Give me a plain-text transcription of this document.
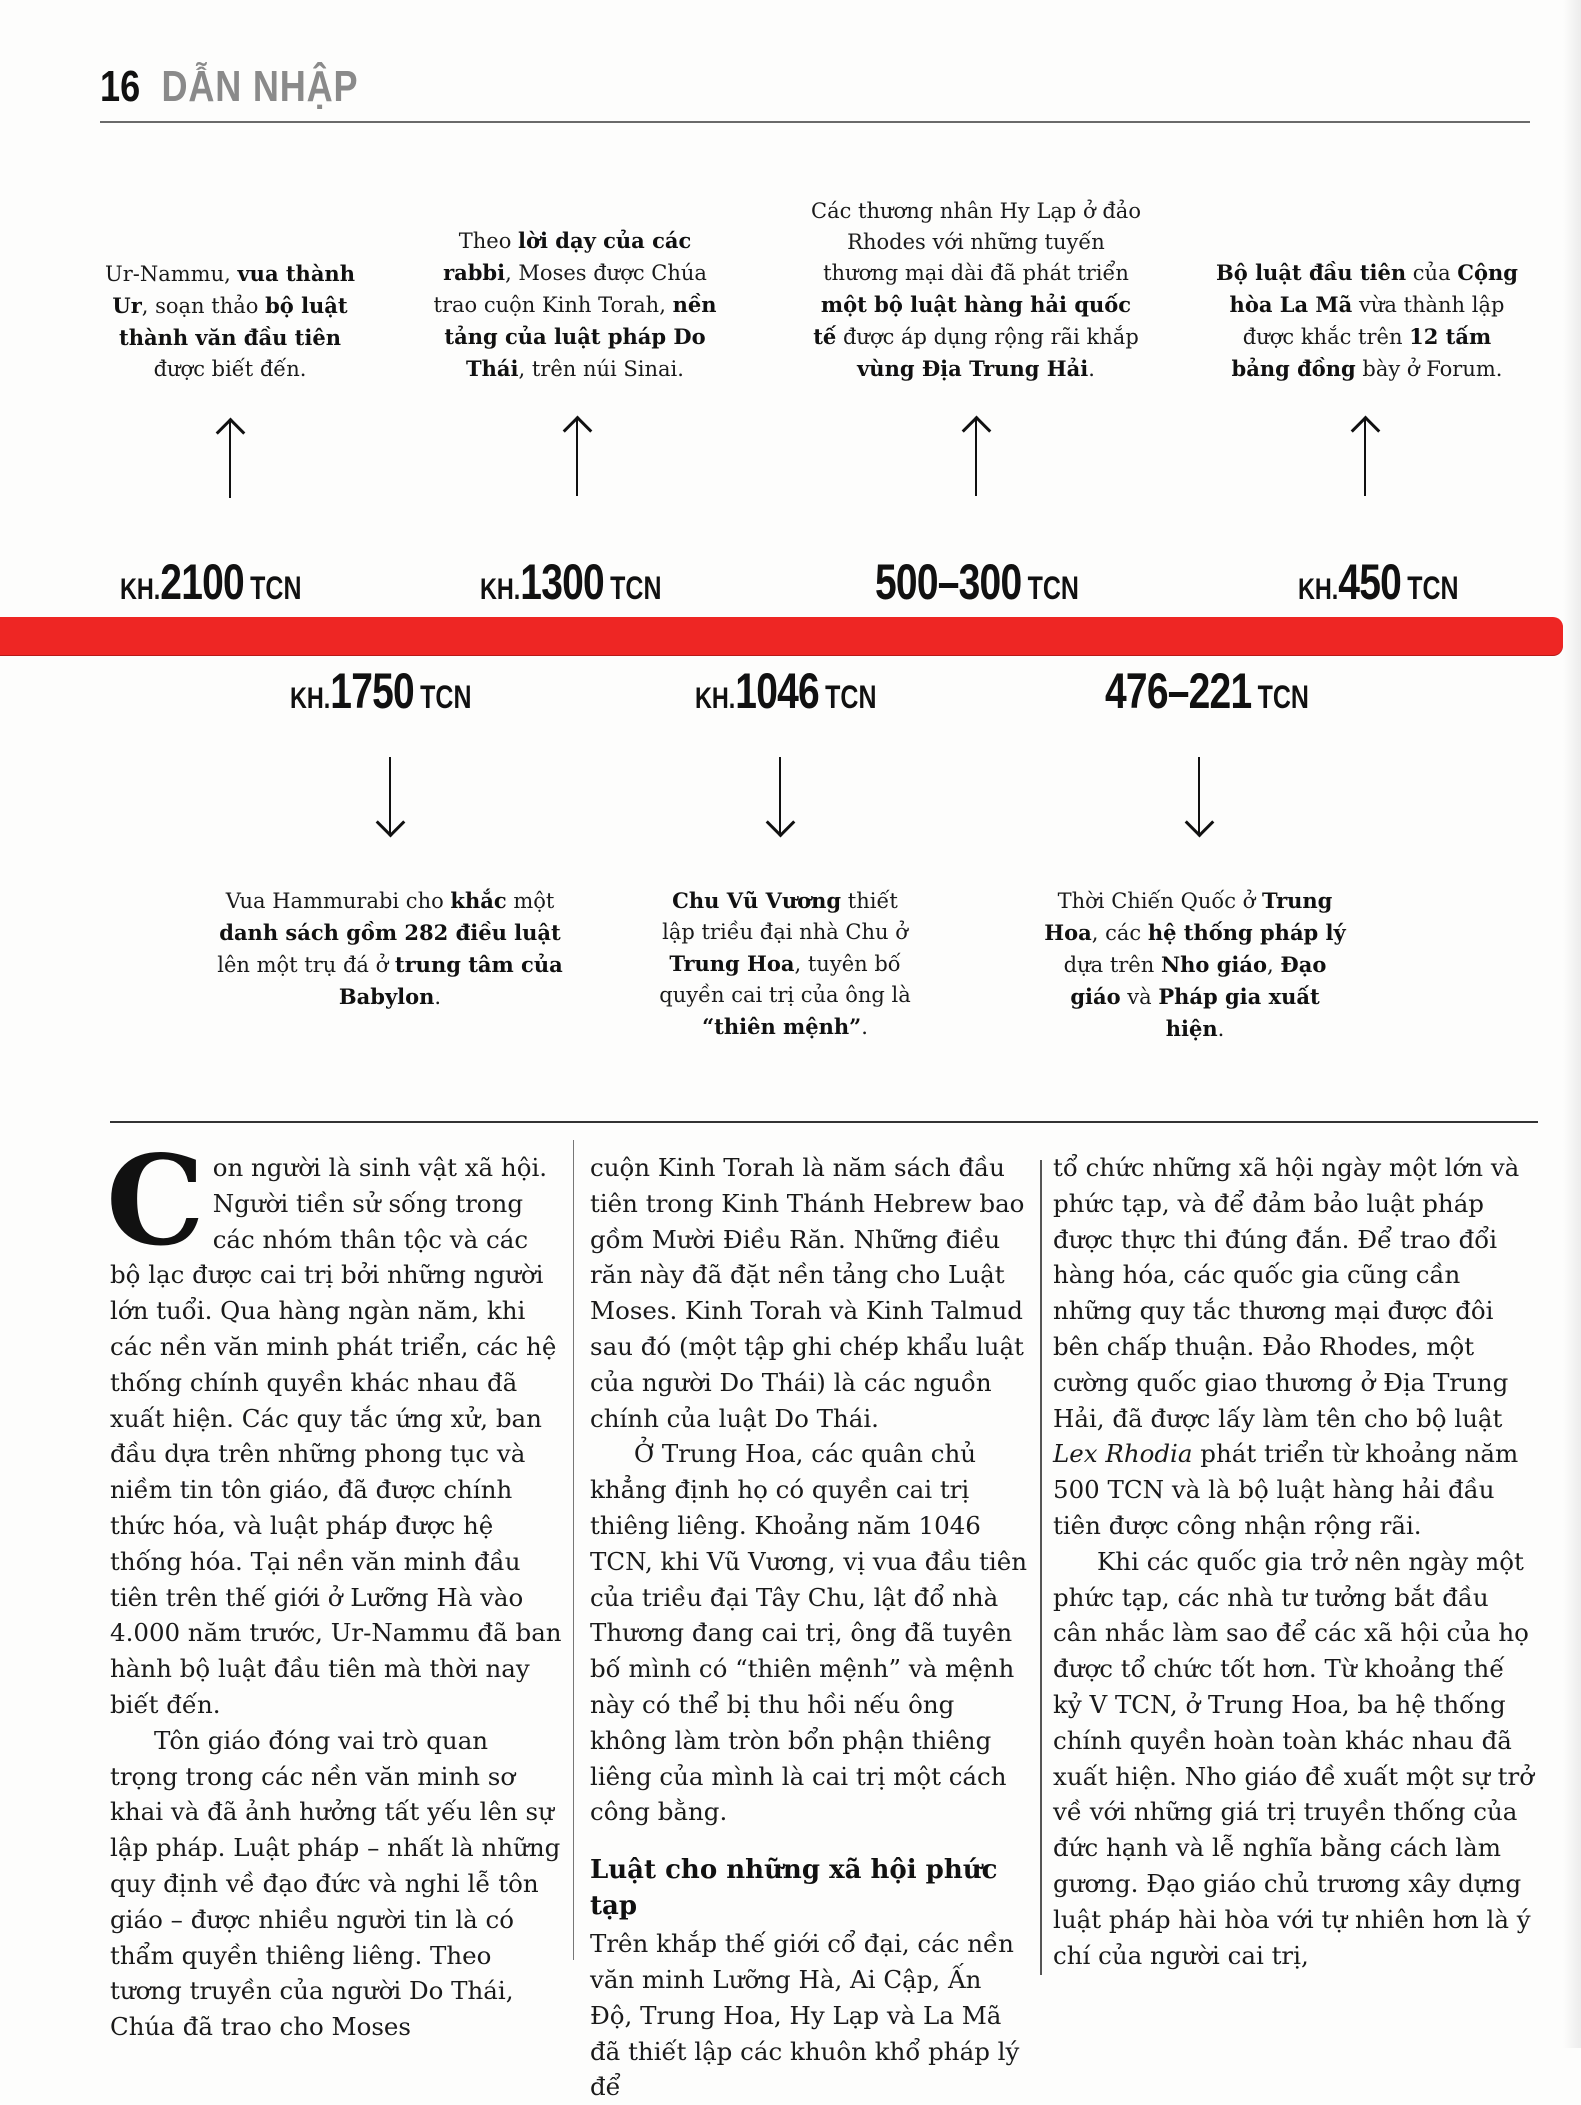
16 DẪN NHẬP
Ur-Nammu, vua thành Ur, soạn thảo bộ luật thành văn đầu tiên được biết đến.
Theo lời dạy của các rabbi, Moses được Chúa trao cuộn Kinh Torah, nền tảng của luật pháp Do Thái, trên núi Sinai.
Các thương nhân Hy Lạp ở đảo Rhodes với những tuyến thương mại dài đã phát triển một bộ luật hàng hải quốc tế được áp dụng rộng rãi khắp vùng Địa Trung Hải.
Bộ luật đầu tiên của Cộng hòa La Mã vừa thành lập được khắc trên 12 tấm bảng đồng bày ở Forum.
KH.2100 TCN	KH.1300 TCN	500–300 TCN	KH.450 TCN
KH.1750 TCN	KH.1046 TCN	476–221 TCN
Vua Hammurabi cho khắc một danh sách gồm 282 điều luật lên một trụ đá ở trung tâm của Babylon.
Chu Vũ Vương thiết lập triều đại nhà Chu ở Trung Hoa, tuyên bố quyền cai trị của ông là “thiên mệnh”.
Thời Chiến Quốc ở Trung Hoa, các hệ thống pháp lý dựa trên Nho giáo, Đạo giáo và Pháp gia xuất hiện.

Con người là sinh vật xã hội. Người tiền sử sống trong các nhóm thân tộc và các bộ lạc được cai trị bởi những người lớn tuổi. Qua hàng ngàn năm, khi các nền văn minh phát triển, các hệ thống chính quyền khác nhau đã xuất hiện. Các quy tắc ứng xử, ban đầu dựa trên những phong tục và niềm tin tôn giáo, đã được chính thức hóa, và luật pháp được hệ thống hóa. Tại nền văn minh đầu tiên trên thế giới ở Lưỡng Hà vào 4.000 năm trước, Ur-Nammu đã ban hành bộ luật đầu tiên mà thời nay biết đến.

Tôn giáo đóng vai trò quan trọng trong các nền văn minh sơ khai và đã ảnh hưởng tất yếu lên sự lập pháp. Luật pháp – nhất là những quy định về đạo đức và nghi lễ tôn giáo – được nhiều người tin là có thẩm quyền thiêng liêng. Theo tương truyền của người Do Thái, Chúa đã trao cho Moses

cuộn Kinh Torah là năm sách đầu tiên trong Kinh Thánh Hebrew bao gồm Mười Điều Răn. Những điều răn này đã đặt nền tảng cho Luật Moses. Kinh Torah và Kinh Talmud sau đó (một tập ghi chép khẩu luật của người Do Thái) là các nguồn chính của luật Do Thái.

Ở Trung Hoa, các quân chủ khẳng định họ có quyền cai trị thiêng liêng. Khoảng năm 1046 TCN, khi Vũ Vương, vị vua đầu tiên của triều đại Tây Chu, lật đổ nhà Thương đang cai trị, ông đã tuyên bố mình có “thiên mệnh” và mệnh này có thể bị thu hồi nếu ông không làm tròn bổn phận thiêng liêng của mình là cai trị một cách công bằng.

Luật cho những xã hội phức tạp

Trên khắp thế giới cổ đại, các nền văn minh Lưỡng Hà, Ai Cập, Ấn Độ, Trung Hoa, Hy Lạp và La Mã đã thiết lập các khuôn khổ pháp lý để

tổ chức những xã hội ngày một lớn và phức tạp, và để đảm bảo luật pháp được thực thi đúng đắn. Để trao đổi hàng hóa, các quốc gia cũng cần những quy tắc thương mại được đôi bên chấp thuận. Đảo Rhodes, một cường quốc giao thương ở Địa Trung Hải, đã được lấy làm tên cho bộ luật Lex Rhodia phát triển từ khoảng năm 500 TCN và là bộ luật hàng hải đầu tiên được công nhận rộng rãi.

Khi các quốc gia trở nên ngày một phức tạp, các nhà tư tưởng bắt đầu cân nhắc làm sao để các xã hội của họ được tổ chức tốt hơn. Từ khoảng thế kỷ V TCN, ở Trung Hoa, ba hệ thống chính quyền hoàn toàn khác nhau đã xuất hiện. Nho giáo đề xuất một sự trở về với những giá trị truyền thống của đức hạnh và lễ nghĩa bằng cách làm gương. Đạo giáo chủ trương xây dựng luật pháp hài hòa với tự nhiên hơn là ý chí của người cai trị,
